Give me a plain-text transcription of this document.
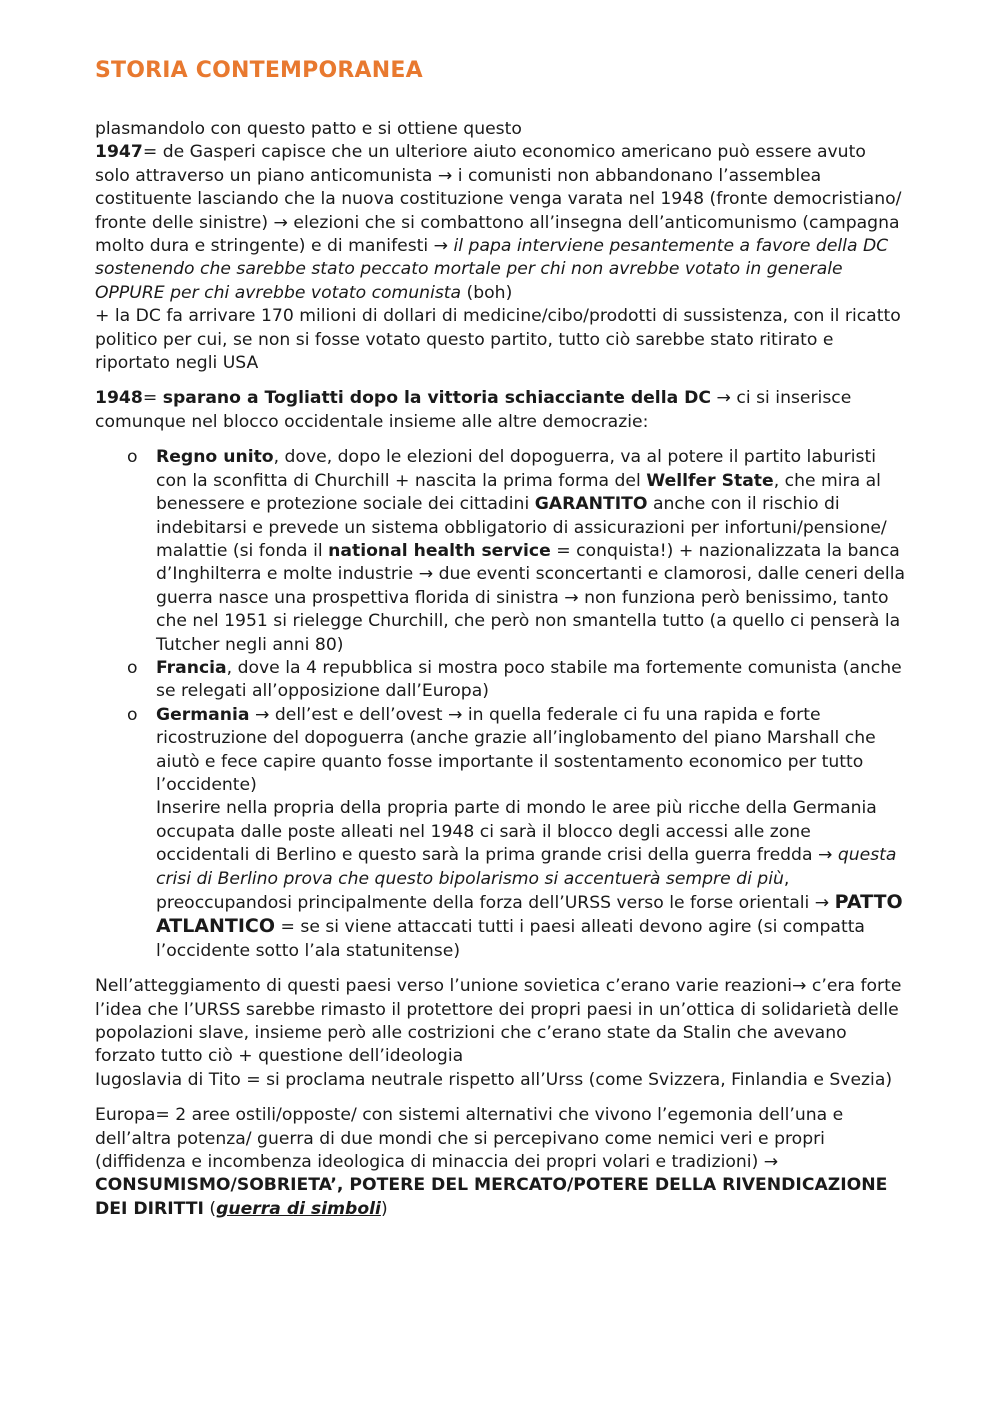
STORIA CONTEMPORANEA

plasmandolo con questo patto e si ottiene questo
1947= de Gasperi capisce che un ulteriore aiuto economico americano può essere avuto solo attraverso un piano anticomunista → i comunisti non abbandonano l’assemblea costituente lasciando che la nuova costituzione venga varata nel 1948 (fronte democristiano/ fronte delle sinistre) → elezioni che si combattono all’insegna dell’anticomunismo (campagna molto dura e stringente) e di manifesti → il papa interviene pesantemente a favore della DC sostenendo che sarebbe stato peccato mortale per chi non avrebbe votato in generale OPPURE per chi avrebbe votato comunista (boh)
+ la DC fa arrivare 170 milioni di dollari di medicine/cibo/prodotti di sussistenza, con il ricatto politico per cui, se non si fosse votato questo partito, tutto ciò sarebbe stato ritirato e riportato negli USA

1948= sparano a Togliatti dopo la vittoria schiacciante della DC → ci si inserisce comunque nel blocco occidentale insieme alle altre democrazie:

o Regno unito, dove, dopo le elezioni del dopoguerra, va al potere il partito laburisti con la sconfitta di Churchill + nascita la prima forma del Wellfer State, che mira al benessere e protezione sociale dei cittadini GARANTITO anche con il rischio di indebitarsi e prevede un sistema obbligatorio di assicurazioni per infortuni/pensione/ malattie (si fonda il national health service = conquista!) + nazionalizzata la banca d’Inghilterra e molte industrie → due eventi sconcertanti e clamorosi, dalle ceneri della guerra nasce una prospettiva florida di sinistra → non funziona però benissimo, tanto che nel 1951 si rielegge Churchill, che però non smantella tutto (a quello ci penserà la Tutcher negli anni 80)
o Francia, dove la 4 repubblica si mostra poco stabile ma fortemente comunista (anche se relegati all’opposizione dall’Europa)
o Germania → dell’est e dell’ovest → in quella federale ci fu una rapida e forte ricostruzione del dopoguerra (anche grazie all’inglobamento del piano Marshall che aiutò e fece capire quanto fosse importante il sostentamento economico per tutto l’occidente)
Inserire nella propria della propria parte di mondo le aree più ricche della Germania occupata dalle poste alleati nel 1948 ci sarà il blocco degli accessi alle zone occidentali di Berlino e questo sarà la prima grande crisi della guerra fredda → questa crisi di Berlino prova che questo bipolarismo si accentuerà sempre di più, preoccupandosi principalmente della forza dell’URSS verso le forse orientali → PATTO ATLANTICO = se si viene attaccati tutti i paesi alleati devono agire (si compatta l’occidente sotto l’ala statunitense)

Nell’atteggiamento di questi paesi verso l’unione sovietica c’erano varie reazioni→ c’era forte l’idea che l’URSS sarebbe rimasto il protettore dei propri paesi in un’ottica di solidarietà delle popolazioni slave, insieme però alle costrizioni che c’erano state da Stalin che avevano forzato tutto ciò + questione dell’ideologia
Iugoslavia di Tito = si proclama neutrale rispetto all’Urss (come Svizzera, Finlandia e Svezia)

Europa= 2 aree ostili/opposte/ con sistemi alternativi che vivono l’egemonia dell’una e dell’altra potenza/ guerra di due mondi che si percepivano come nemici veri e propri (diffidenza e incombenza ideologica di minaccia dei propri volari e tradizioni) → CONSUMISMO/SOBRIETA’, POTERE DEL MERCATO/POTERE DELLA RIVENDICAZIONE DEI DIRITTI (guerra di simboli)
